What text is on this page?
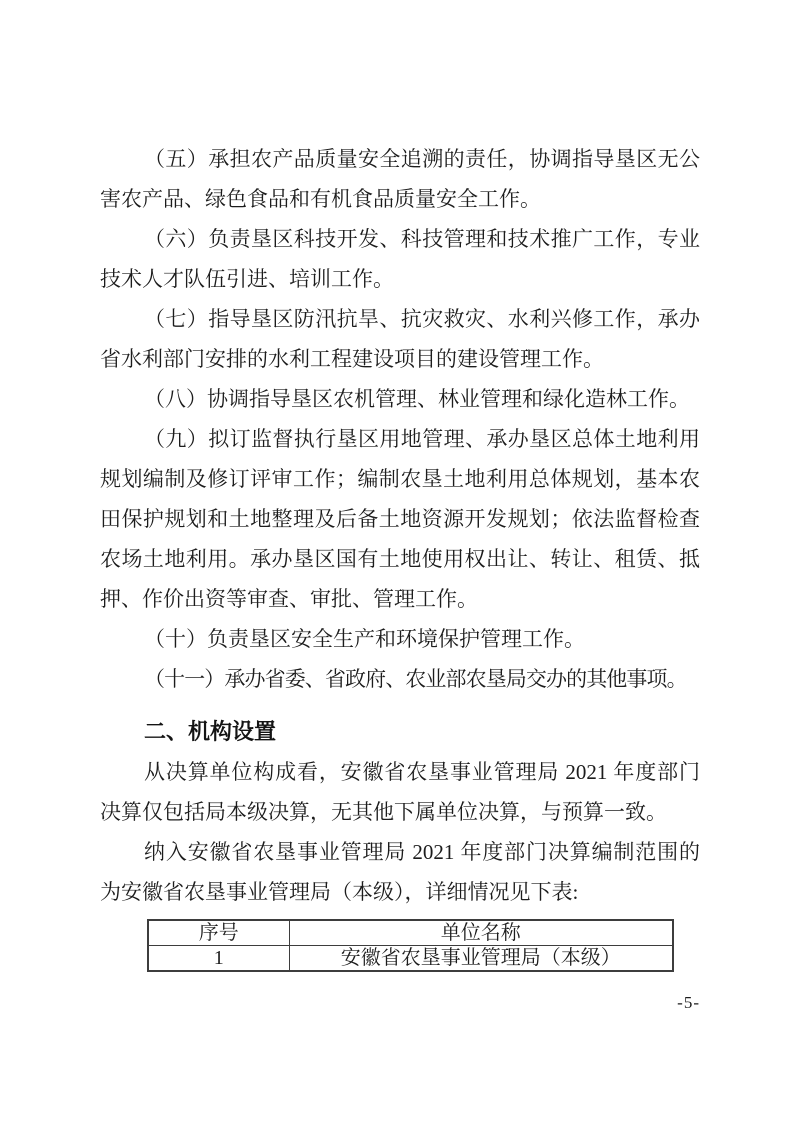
（五）承担农产品质量安全追溯的责任，协调指导垦区无公害农产品、绿色食品和有机食品质量安全工作。

（六）负责垦区科技开发、科技管理和技术推广工作，专业技术人才队伍引进、培训工作。

（七）指导垦区防汛抗旱、抗灾救灾、水利兴修工作，承办省水利部门安排的水利工程建设项目的建设管理工作。

（八）协调指导垦区农机管理、林业管理和绿化造林工作。

（九）拟订监督执行垦区用地管理、承办垦区总体土地利用规划编制及修订评审工作；编制农垦土地利用总体规划，基本农田保护规划和土地整理及后备土地资源开发规划；依法监督检查农场土地利用。承办垦区国有土地使用权出让、转让、租赁、抵押、作价出资等审查、审批、管理工作。

（十）负责垦区安全生产和环境保护管理工作。

（十一）承办省委、省政府、农业部农垦局交办的其他事项。

二、机构设置

从决算单位构成看，安徽省农垦事业管理局 2021 年度部门决算仅包括局本级决算，无其他下属单位决算，与预算一致。

纳入安徽省农垦事业管理局 2021 年度部门决算编制范围的为安徽省农垦事业管理局（本级），详细情况见下表:

序号	单位名称
1	安徽省农垦事业管理局（本级）
-5-
